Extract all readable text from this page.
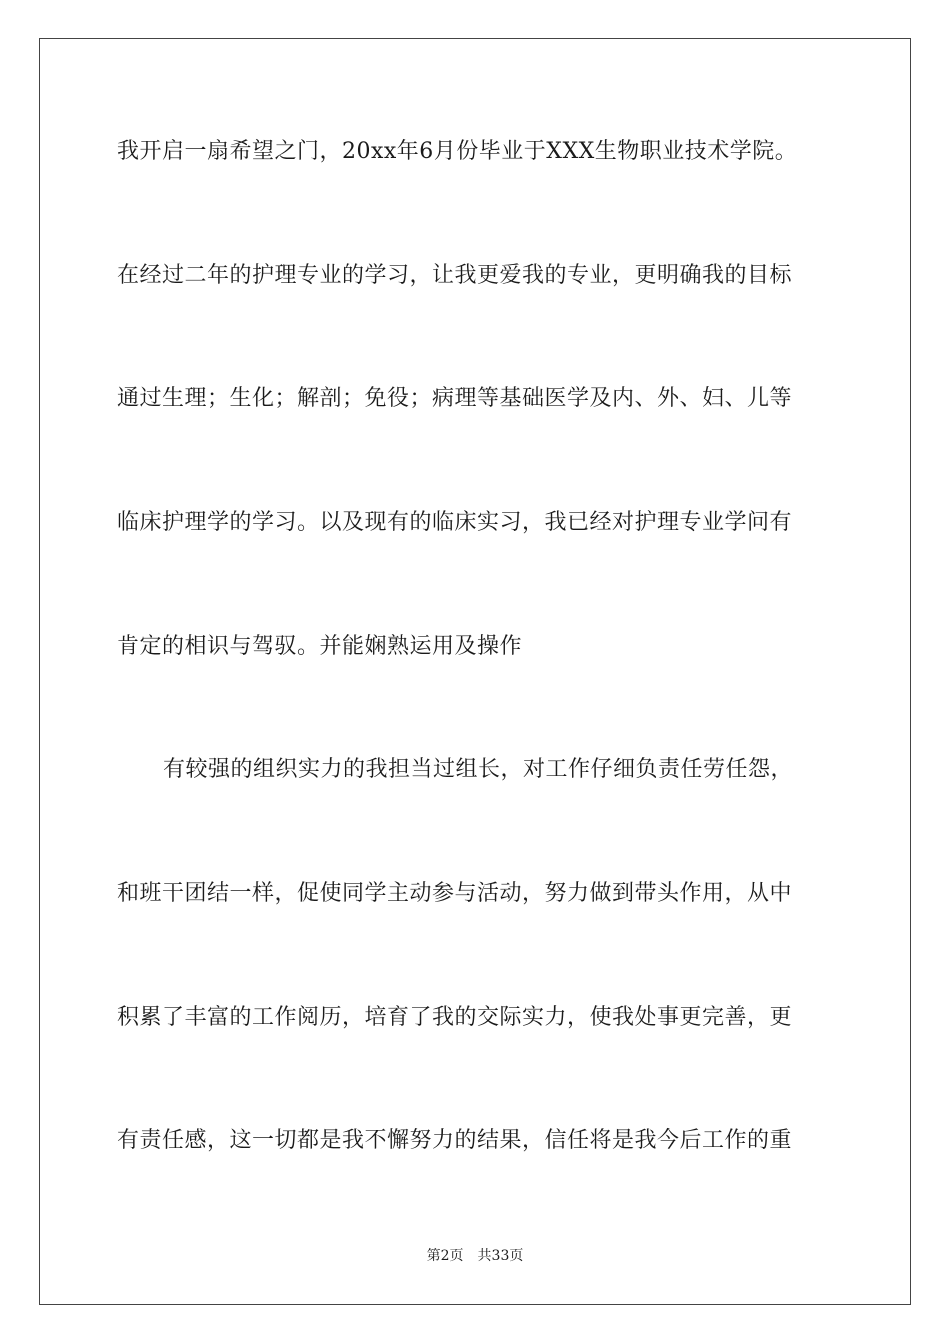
我开启一扇希望之门，20xx年6月份毕业于XXX生物职业技术学院。
在经过二年的护理专业的学习，让我更爱我的专业，更明确我的目标
通过生理；生化；解剖；免役；病理等基础医学及内、外、妇、儿等
临床护理学的学习。以及现有的临床实习，我已经对护理专业学问有
肯定的相识与驾驭。并能娴熟运用及操作
有较强的组织实力的我担当过组长，对工作仔细负责任劳任怨，
和班干团结一样，促使同学主动参与活动，努力做到带头作用，从中
积累了丰富的工作阅历，培育了我的交际实力，使我处事更完善，更
有责任感，这一切都是我不懈努力的结果，信任将是我今后工作的重
第2页 共33页
